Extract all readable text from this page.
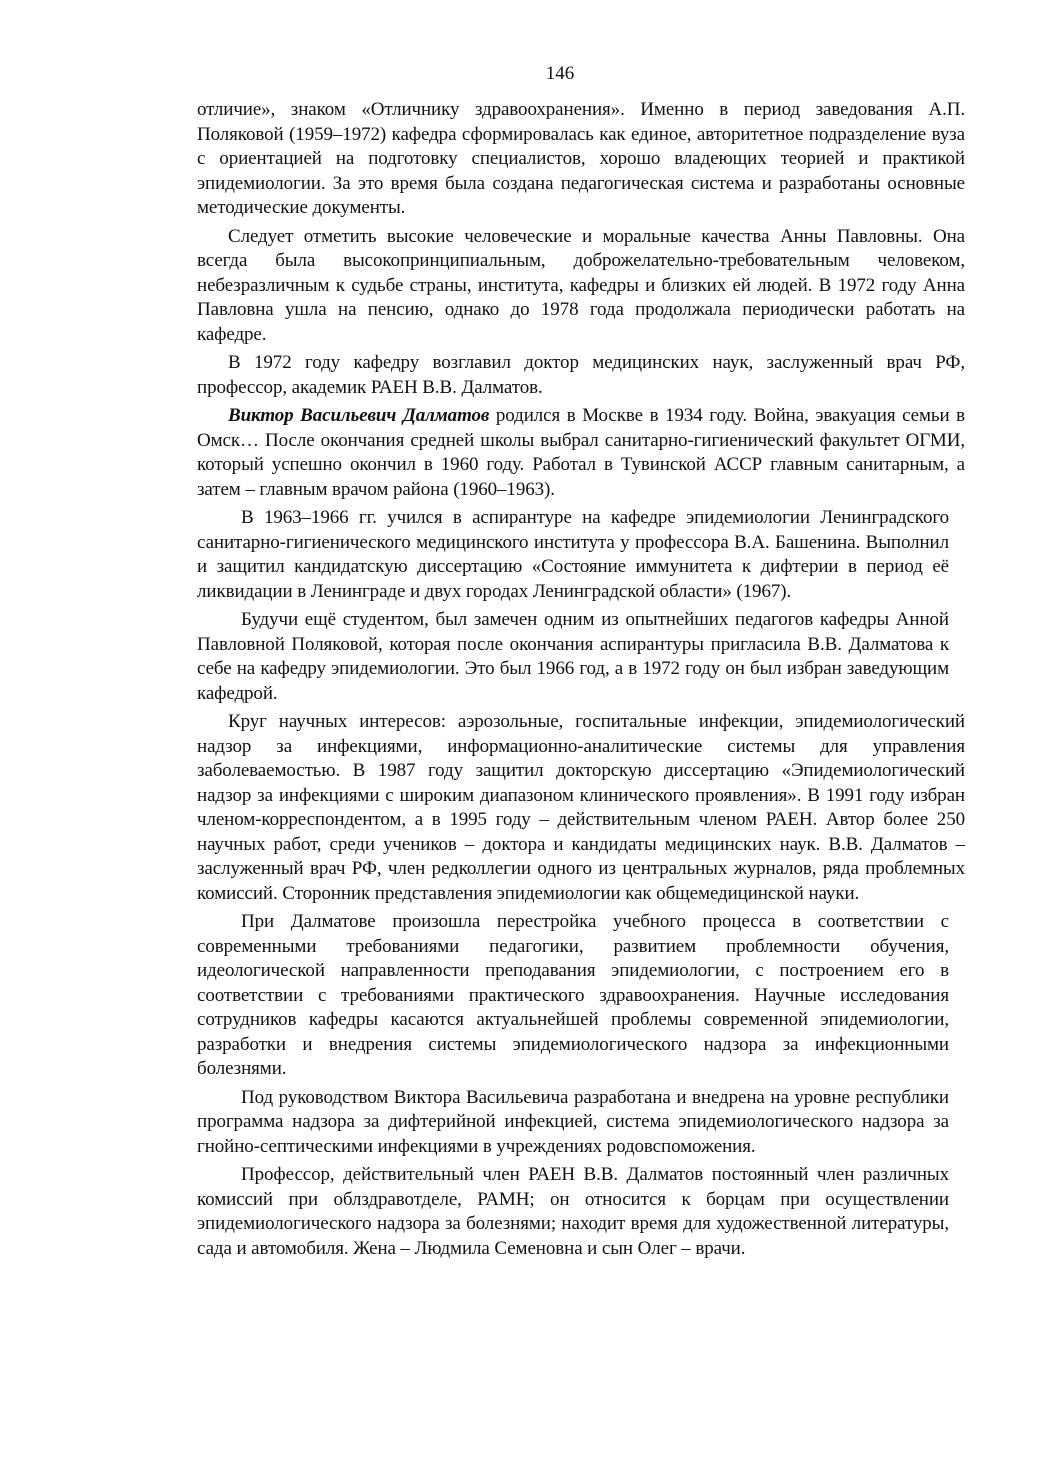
146

отличие», знаком «Отличнику здравоохранения». Именно в период заведования А.П. Поляковой (1959–1972) кафедра сформировалась как единое, авторитетное подразделение вуза с ориентацией на подготовку специалистов, хорошо владеющих теорией и практикой эпидемиологии. За это время была создана педагогическая система и разработаны основные методические документы.

Следует отметить высокие человеческие и моральные качества Анны Павловны. Она всегда была высокопринципиальным, доброжелательно-требовательным человеком, небезразличным к судьбе страны, института, кафедры и близких ей людей. В 1972 году Анна Павловна ушла на пенсию, однако до 1978 года продолжала периодически работать на кафедре.

В 1972 году кафедру возглавил доктор медицинских наук, заслуженный врач РФ, профессор, академик РАЕН В.В. Далматов.

Виктор Васильевич Далматов родился в Москве в 1934 году. Война, эвакуация семьи в Омск… После окончания средней школы выбрал санитарно-гигиенический факультет ОГМИ, который успешно окончил в 1960 году. Работал в Тувинской АССР главным санитарным, а затем – главным врачом района (1960–1963).

В 1963–1966 гг. учился в аспирантуре на кафедре эпидемиологии Ленинградского санитарно-гигиенического медицинского института у профессора В.А. Башенина. Выполнил и защитил кандидатскую диссертацию «Состояние иммунитета к дифтерии в период её ликвидации в Ленинграде и двух городах Ленинградской области» (1967).

Будучи ещё студентом, был замечен одним из опытнейших педагогов кафедры Анной Павловной Поляковой, которая после окончания аспирантуры пригласила В.В. Далматова к себе на кафедру эпидемиологии. Это был 1966 год, а в 1972 году он был избран заведующим кафедрой.

Круг научных интересов: аэрозольные, госпитальные инфекции, эпидемиологический надзор за инфекциями, информационно-аналитические системы для управления заболеваемостью. В 1987 году защитил докторскую диссертацию «Эпидемиологический надзор за инфекциями с широким диапазоном клинического проявления». В 1991 году избран членом-корреспондентом, а в 1995 году – действительным членом РАЕН. Автор более 250 научных работ, среди учеников – доктора и кандидаты медицинских наук. В.В. Далматов – заслуженный врач РФ, член редколлегии одного из центральных журналов, ряда проблемных комиссий. Сторонник представления эпидемиологии как общемедицинской науки.

При Далматове произошла перестройка учебного процесса в соответствии с современными требованиями педагогики, развитием проблемности обучения, идеологической направленности преподавания эпидемиологии, с построением его в соответствии с требованиями практического здравоохранения. Научные исследования сотрудников кафедры касаются актуальнейшей проблемы современной эпидемиологии, разработки и внедрения системы эпидемиологического надзора за инфекционными болезнями.

Под руководством Виктора Васильевича разработана и внедрена на уровне республики программа надзора за дифтерийной инфекцией, система эпидемиологического надзора за гнойно-септическими инфекциями в учреждениях родовспоможения.

Профессор, действительный член РАЕН В.В. Далматов постоянный член различных комиссий при облздравотделе, РАМН; он относится к борцам при осуществлении эпидемиологического надзора за болезнями; находит время для художественной литературы, сада и автомобиля. Жена – Людмила Семеновна и сын Олег – врачи.
